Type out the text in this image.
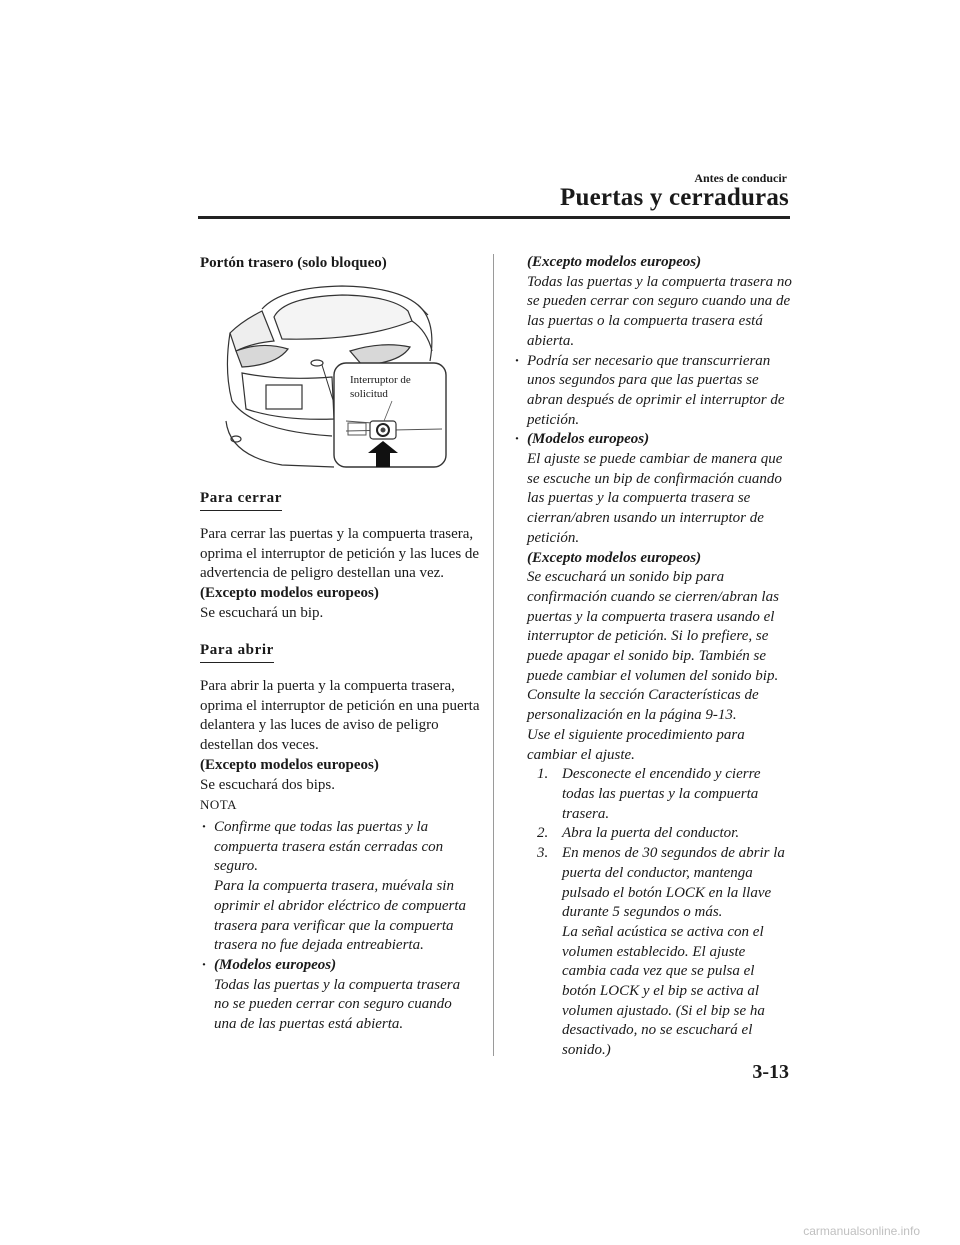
Antes de conducir
Puertas y cerraduras
Portón trasero (solo bloqueo)
Interruptor de
solicitud
Para cerrar

Para cerrar las puertas y la compuerta trasera, oprima el interruptor de petición y las luces de advertencia de peligro destellan una vez.

(Excepto modelos europeos)

Se escuchará un bip.

Para abrir

Para abrir la puerta y la compuerta trasera, oprima el interruptor de petición en una puerta delantera y las luces de aviso de peligro destellan dos veces.

(Excepto modelos europeos)

Se escuchará dos bips.

NOTA

· Confirme que todas las puertas y la compuerta trasera están cerradas con seguro.

Para la compuerta trasera, muévala sin oprimir el abridor eléctrico de compuerta trasera para verificar que la compuerta trasera no fue dejada entreabierta.

· (Modelos europeos)

Todas las puertas y la compuerta trasera no se pueden cerrar con seguro cuando una de las puertas está abierta.

(Excepto modelos europeos)

Todas las puertas y la compuerta trasera no se pueden cerrar con seguro cuando una de las puertas o la compuerta trasera está abierta.

· Podría ser necesario que transcurrieran unos segundos para que las puertas se abran después de oprimir el interruptor de petición.

· (Modelos europeos)

El ajuste se puede cambiar de manera que se escuche un bip de confirmación cuando las puertas y la compuerta trasera se cierran/abren usando un interruptor de petición.

(Excepto modelos europeos)

Se escuchará un sonido bip para confirmación cuando se cierren/abran las puertas y la compuerta trasera usando el interruptor de petición. Si lo prefiere, se puede apagar el sonido bip. También se puede cambiar el volumen del sonido bip. Consulte la sección Características de personalización en la página 9-13.

Use el siguiente procedimiento para cambiar el ajuste.

1. Desconecte el encendido y cierre todas las puertas y la compuerta trasera.

2. Abra la puerta del conductor.

3. En menos de 30 segundos de abrir la puerta del conductor, mantenga pulsado el botón LOCK en la llave durante 5 segundos o más.

La señal acústica se activa con el volumen establecido. El ajuste cambia cada vez que se pulsa el botón LOCK y el bip se activa al volumen ajustado. (Si el bip se ha desactivado, no se escuchará el sonido.)

3-13
carmanualsonline.info
